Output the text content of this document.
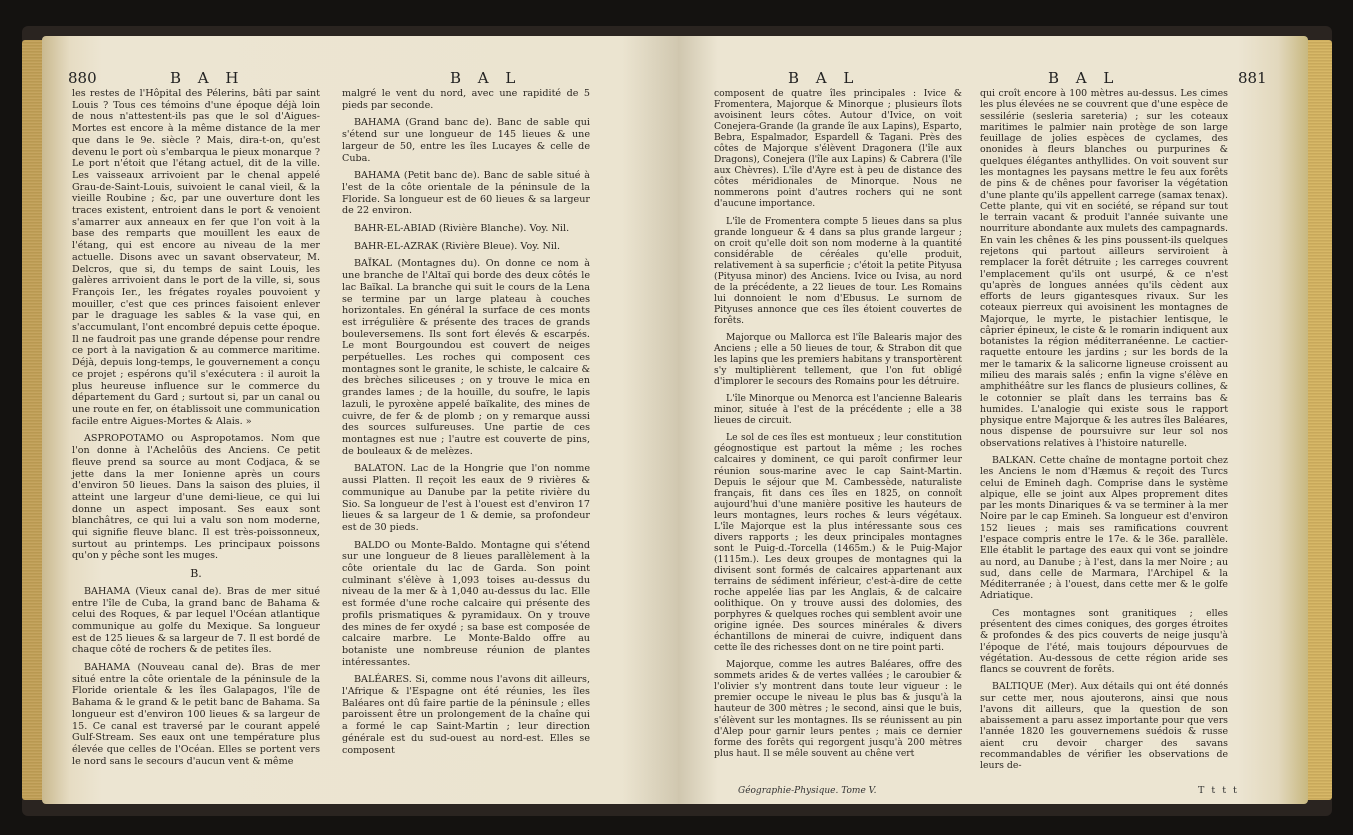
880	B A H	B A L

les restes de l'Hôpital des Pélerins, bâti par saint Louis ? Tous ces témoins d'une époque déjà loin de nous n'attestent-ils pas que le sol d'Aigues-Mortes est encore à la même distance de la mer que dans le 9e. siècle ? Mais, dira-t-on, qu'est devenu le port où s'embarqua le pieux monarque ? Le port n'étoit que l'étang actuel, dit de la ville. Les vaisseaux arrivoient par le chenal appelé Grau-de-Saint-Louis, suivoient le canal vieil, & la vieille Roubine ; &c, par une ouverture dont les traces existent, entroient dans le port & venoient s'amarrer aux anneaux en fer que l'on voit à la base des remparts que mouillent les eaux de l'étang, qui est encore au niveau de la mer actuelle. Disons avec un savant observateur, M. Delcros, que si, du temps de saint Louis, les galères arrivoient dans le port de la ville, si, sous François Ier., les frégates royales pouvoient y mouiller, c'est que ces princes faisoient enlever par le draguage les sables & la vase qui, en s'accumulant, l'ont encombré depuis cette époque. Il ne faudroit pas une grande dépense pour rendre ce port à la navigation & au commerce maritime. Déjà, depuis long-temps, le gouvernement a conçu ce projet ; espérons qu'il s'exécutera : il auroit la plus heureuse influence sur le commerce du département du Gard ; surtout si, par un canal ou une route en fer, on établissoit une communication facile entre Aigues-Mortes & Alais. »

ASPROPOTAMO ou Aspropotamos. Nom que l'on donne à l'Achelôüs des Anciens. Ce petit fleuve prend sa source au mont Codjaca, & se jette dans la mer Ionienne après un cours d'environ 50 lieues. Dans la saison des pluies, il atteint une largeur d'une demi-lieue, ce qui lui donne un aspect imposant. Ses eaux sont blanchâtres, ce qui lui a valu son nom moderne, qui signifie fleuve blanc. Il est très-poissonneux, surtout au printemps. Les principaux poissons qu'on y pêche sont les muges.

B.

BAHAMA (Vieux canal de). Bras de mer situé entre l'île de Cuba, la grand banc de Bahama & celui des Roques, & par lequel l'Océan atlantique communique au golfe du Mexique. Sa longueur est de 125 lieues & sa largeur de 7. Il est bordé de chaque côté de rochers & de petites îles.

BAHAMA (Nouveau canal de). Bras de mer situé entre la côte orientale de la péninsule de la Floride orientale & les îles Galapagos, l'île de Bahama & le grand & le petit banc de Bahama. Sa longueur est d'environ 100 lieues & sa largeur de 15. Ce canal est traversé par le courant appelé Gulf-Stream. Ses eaux ont une température plus élevée que celles de l'Océan. Elles se portent vers le nord sans le secours d'aucun vent & même

malgré le vent du nord, avec une rapidité de 5 pieds par seconde.

BAHAMA (Grand banc de). Banc de sable qui s'étend sur une longueur de 145 lieues & une largeur de 50, entre les îles Lucayes & celle de Cuba.

BAHAMA (Petit banc de). Banc de sable situé à l'est de la côte orientale de la péninsule de la Floride. Sa longueur est de 60 lieues & sa largeur de 22 environ.

BAHR-EL-ABIAD (Rivière Blanche). Voy. Nil.

BAHR-EL-AZRAK (Rivière Bleue). Voy. Nil.

BAÏKAL (Montagnes du). On donne ce nom à une branche de l'Altaï qui borde des deux côtés le lac Baïkal. La branche qui suit le cours de la Lena se termine par un large plateau à couches horizontales. En général la surface de ces monts est irrégulière & présente des traces de grands bouleversemens. Ils sont fort élevés & escarpés. Le mont Bourgoundou est couvert de neiges perpétuelles. Les roches qui composent ces montagnes sont le granite, le schiste, le calcaire & des brèches siliceuses ; on y trouve le mica en grandes lames ; de la houille, du soufre, le lapis lazuli, le pyroxène appelé baïkalite, des mines de cuivre, de fer & de plomb ; on y remarque aussi des sources sulfureuses. Une partie de ces montagnes est nue ; l'autre est couverte de pins, de bouleaux & de melèzes.

BALATON. Lac de la Hongrie que l'on nomme aussi Platten. Il reçoit les eaux de 9 rivières & communique au Danube par la petite rivière du Sio. Sa longueur de l'est à l'ouest est d'environ 17 lieues & sa largeur de 1 & demie, sa profondeur est de 30 pieds.

BALDO ou Monte-Baldo. Montagne qui s'étend sur une longueur de 8 lieues parallèlement à la côte orientale du lac de Garda. Son point culminant s'élève à 1,093 toises au-dessus du niveau de la mer & à 1,040 au-dessus du lac. Elle est formée d'une roche calcaire qui présente des profils prismatiques & pyramidaux. On y trouve des mines de fer oxydé ; sa base est composée de calcaire marbre. Le Monte-Baldo offre au botaniste une nombreuse réunion de plantes intéressantes.

BALÉARES. Si, comme nous l'avons dit ailleurs, l'Afrique & l'Espagne ont été réunies, les îles Baléares ont dû faire partie de la péninsule ; elles paroissent être un prolongement de la chaîne qui a formé le cap Saint-Martin ; leur direction générale est du sud-ouest au nord-est. Elles se composent

B A L	B A L	881

composent de quatre îles principales : Ivice & Fromentera, Majorque & Minorque ; plusieurs îlots avoisinent leurs côtes. Autour d'Ivice, on voit Conejera-Grande (la grande île aux Lapins), Esparto, Bebra, Espalmador, Espardell & Tagani. Près des côtes de Majorque s'élèvent Dragonera (l'île aux Dragons), Conejera (l'île aux Lapins) & Cabrera (l'île aux Chèvres). L'île d'Ayre est à peu de distance des côtes méridionales de Minorque. Nous ne nommerons point d'autres rochers qui ne sont d'aucune importance.

L'île de Fromentera compte 5 lieues dans sa plus grande longueur & 4 dans sa plus grande largeur ; on croit qu'elle doit son nom moderne à la quantité considérable de céréales qu'elle produit, relativement à sa superficie ; c'étoit la petite Pityusa (Pityusa minor) des Anciens. Ivice ou Ivisa, au nord de la précédente, a 22 lieues de tour. Les Romains lui donnoient le nom d'Ebusus. Le surnom de Pityuses annonce que ces îles étoient couvertes de forêts.

Majorque ou Mallorca est l'île Balearis major des Anciens ; elle a 50 lieues de tour, & Strabon dit que les lapins que les premiers habitans y transportèrent s'y multiplièrent tellement, que l'on fut obligé d'implorer le secours des Romains pour les détruire.

L'île Minorque ou Menorca est l'ancienne Balearis minor, située à l'est de la précédente ; elle a 38 lieues de circuit.

Le sol de ces îles est montueux ; leur constitution géognostique est partout la même ; les roches calcaires y dominent, ce qui paroît confirmer leur réunion sous-marine avec le cap Saint-Martin. Depuis le séjour que M. Cambessède, naturaliste français, fit dans ces îles en 1825, on connoît aujourd'hui d'une manière positive les hauteurs de leurs montagnes, leurs roches & leurs végétaux. L'île Majorque est la plus intéressante sous ces divers rapports ; les deux principales montagnes sont le Puig-d.-Torcella (1465m.) & le Puig-Major (1115m.). Les deux groupes de montagnes qui la divisent sont formés de calcaires appartenant aux terrains de sédiment inférieur, c'est-à-dire de cette roche appelée lias par les Anglais, & de calcaire oolithique. On y trouve aussi des dolomies, des porphyres & quelques roches qui semblent avoir une origine ignée. Des sources minérales & divers échantillons de minerai de cuivre, indiquent dans cette île des richesses dont on ne tire point parti.

Majorque, comme les autres Baléares, offre des sommets arides & de vertes vallées ; le caroubier & l'olivier s'y montrent dans toute leur vigueur : le premier occupe le niveau le plus bas & jusqu'à la hauteur de 300 mètres ; le second, ainsi que le buis, s'élèvent sur les montagnes. Ils se réunissent au pin d'Alep pour garnir leurs pentes ; mais ce dernier forme des forêts qui regorgent jusqu'à 200 mètres plus haut. Il se mêle souvent au chêne vert

qui croît encore à 100 mètres au-dessus. Les cimes les plus élevées ne se couvrent que d'une espèce de sessilérie (sesleria sareteria) ; sur les coteaux maritimes le palmier nain protège de son large feuillage de jolies espèces de cyclames, des ononides à fleurs blanches ou purpurines & quelques élégantes anthyllides. On voit souvent sur les montagnes les paysans mettre le feu aux forêts de pins & de chênes pour favoriser la végétation d'une plante qu'ils appellent carrege (samax tenax). Cette plante, qui vit en société, se répand sur tout le terrain vacant & produit l'année suivante une nourriture abondante aux mulets des campagnards. En vain les chênes & les pins poussent-ils quelques rejetons qui partout ailleurs serviroient à remplacer la forêt détruite ; les carreges couvrent l'emplacement qu'ils ont usurpé, & ce n'est qu'après de longues années qu'ils cèdent aux efforts de leurs gigantesques rivaux. Sur les coteaux pierreux qui avoisinent les montagnes de Majorque, le myrte, le pistachier lentisque, le câprier épineux, le ciste & le romarin indiquent aux botanistes la région méditerranéenne. Le cactier-raquette entoure les jardins ; sur les bords de la mer le tamarix & la salicorne ligneuse croissent au milieu des marais salés ; enfin la vigne s'élève en amphithéâtre sur les flancs de plusieurs collines, & le cotonnier se plaît dans les terrains bas & humides. L'analogie qui existe sous le rapport physique entre Majorque & les autres îles Baléares, nous dispense de poursuivre sur leur sol nos observations relatives à l'histoire naturelle.

BALKAN. Cette chaîne de montagne portoit chez les Anciens le nom d'Hæmus & reçoit des Turcs celui de Emineh dagh. Comprise dans le système alpique, elle se joint aux Alpes proprement dites par les monts Dinariques & va se terminer à la mer Noire par le cap Emineh. Sa longueur est d'environ 152 lieues ; mais ses ramifications couvrent l'espace compris entre le 17e. & le 36e. parallèle. Elle établit le partage des eaux qui vont se joindre au nord, au Danube ; à l'est, dans la mer Noire ; au sud, dans celle de Marmara, l'Archipel & la Méditerranée ; à l'ouest, dans cette mer & le golfe Adriatique.

Ces montagnes sont granitiques ; elles présentent des cimes coniques, des gorges étroites & profondes & des pics couverts de neige jusqu'à l'époque de l'été, mais toujours dépourvues de végétation. Au-dessous de cette région aride ses flancs se couvrent de forêts.

BALTIQUE (Mer). Aux détails qui ont été donnés sur cette mer, nous ajouterons, ainsi que nous l'avons dit ailleurs, que la question de son abaissement a paru assez importante pour que vers l'année 1820 les gouvernemens suédois & russe aient cru devoir charger des savans recommandables de vérifier les observations de leurs de-

Géographie-Physique. Tome V.	T t t t
